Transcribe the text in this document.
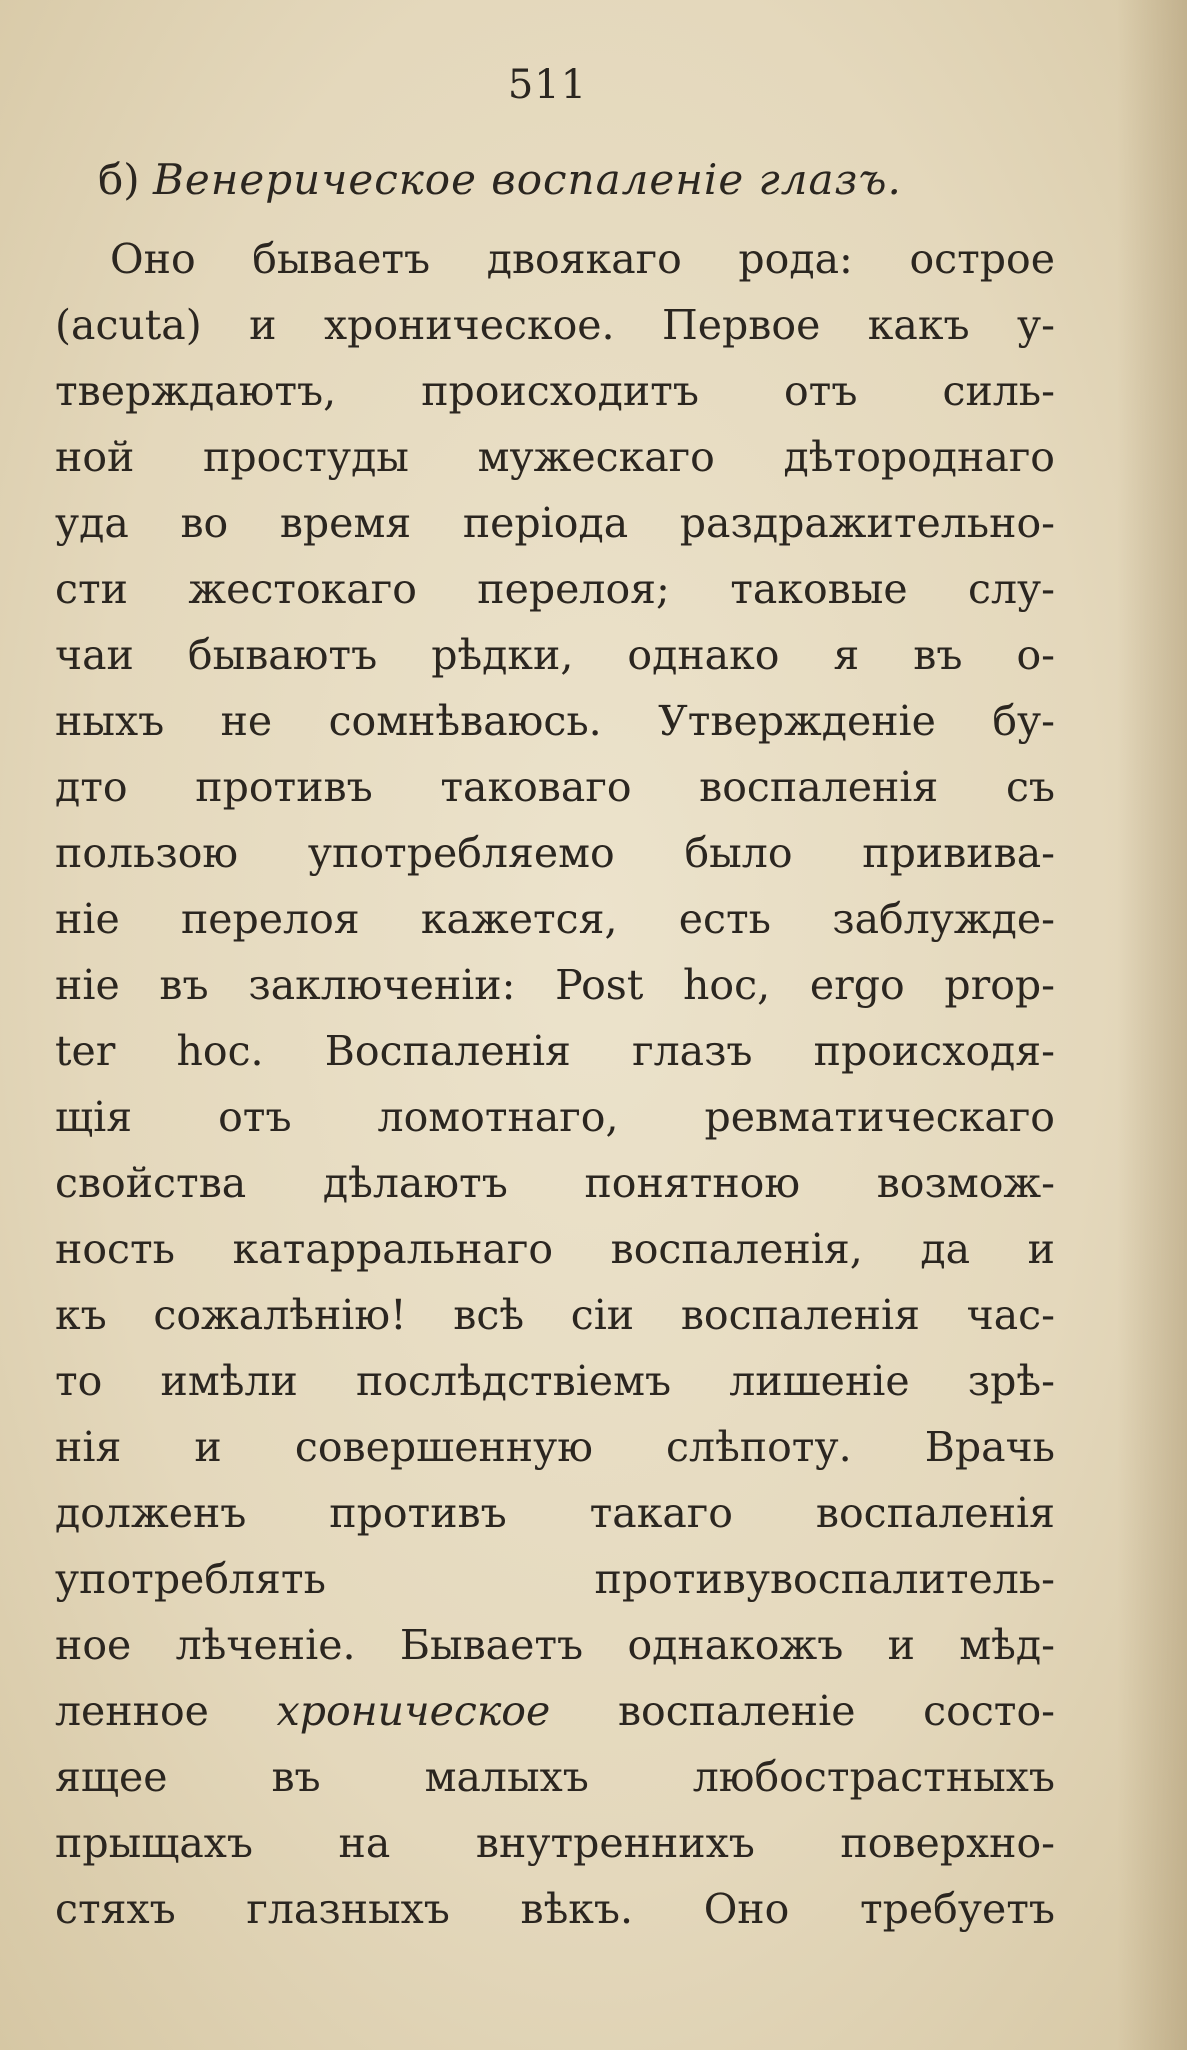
511
б) Венерическое воспаленіе глазъ.
Оно бываетъ двоякаго рода: острое
(acuta) и хроническое. Первое какъ у-
тверждаютъ, происходитъ отъ силь-
ной простуды мужескаго дѣтороднаго
уда во время періода раздражительно-
сти жестокаго перелоя; таковые слу-
чаи бываютъ рѣдки, однако я въ о-
ныхъ не сомнѣваюсь. Утвержденіе бу-
дто противъ таковаго воспаленія съ
пользою употребляемо было привива-
ніе перелоя кажется, есть заблужде-
ніе въ заключеніи: Post hoc, ergo prop-
ter hoc. Воспаленія глазъ происходя-
щія отъ ломотнаго, ревматическаго
свойства дѣлаютъ понятною возмож-
ность катарральнаго воспаленія, да и
къ сожалѣнію! всѣ сіи воспаленія час-
то имѣли послѣдствіемъ лишеніе зрѣ-
нія и совершенную слѣпоту. Врачь
долженъ противъ такаго воспаленія
употреблять противувоспалитель-
ное лѣченіе. Бываетъ однакожъ и мѣд-
ленное хроническое воспаленіе состо-
ящее въ малыхъ любострастныхъ
прыщахъ на внутреннихъ поверхно-
стяхъ глазныхъ вѣкъ. Оно требуетъ
